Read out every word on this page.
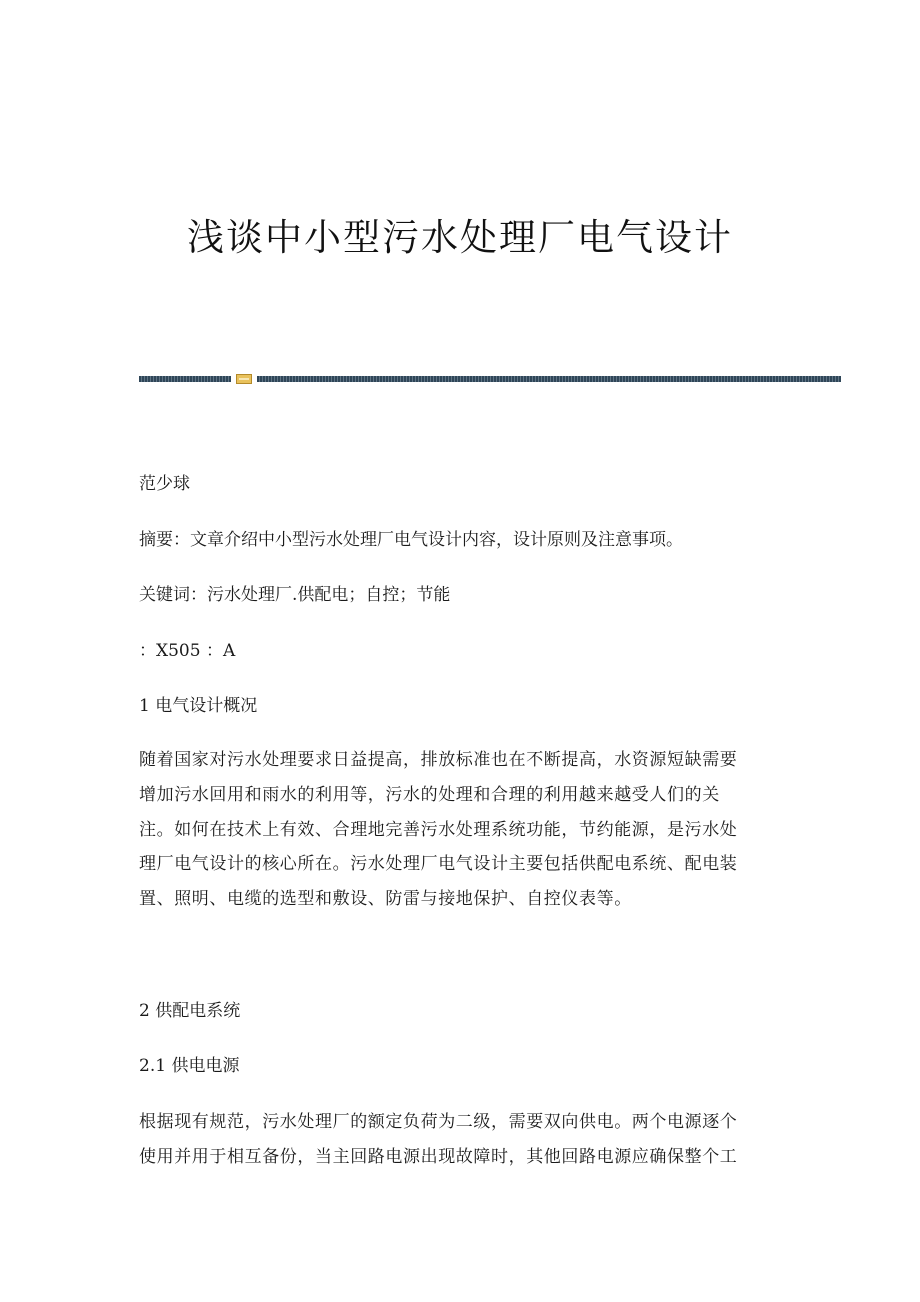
浅谈中小型污水处理厂电气设计
范少球
摘要：文章介绍中小型污水处理厂电气设计内容，设计原则及注意事项。
关键词：污水处理厂.供配电；自控；节能
：X505 ：A
1 电气设计概况
随着国家对污水处理要求日益提高，排放标准也在不断提高，水资源短缺需要
增加污水回用和雨水的利用等，污水的处理和合理的利用越来越受人们的关
注。如何在技术上有效、合理地完善污水处理系统功能，节约能源，是污水处
理厂电气设计的核心所在。污水处理厂电气设计主要包括供配电系统、配电装
置、照明、电缆的选型和敷设、防雷与接地保护、自控仪表等。
2 供配电系统
2.1 供电电源
根据现有规范，污水处理厂的额定负荷为二级，需要双向供电。两个电源逐个
使用并用于相互备份，当主回路电源出现故障时，其他回路电源应确保整个工
